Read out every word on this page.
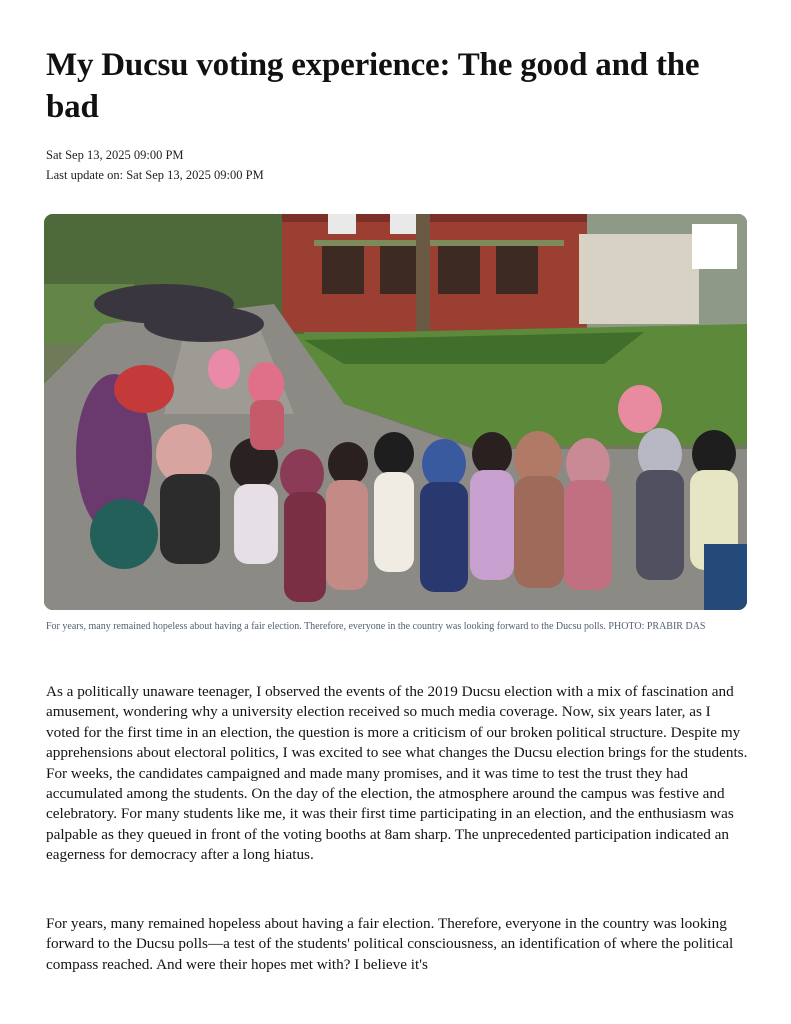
My Ducsu voting experience: The good and the bad
Sat Sep 13, 2025 09:00 PM
Last update on: Sat Sep 13, 2025 09:00 PM
For years, many remained hopeless about having a fair election. Therefore, everyone in the country was looking forward to the Ducsu polls. PHOTO: PRABIR DAS

As a politically unaware teenager, I observed the events of the 2019 Ducsu election with a mix of fascination and amusement, wondering why a university election received so much media coverage. Now, six years later, as I voted for the first time in an election, the question is more a criticism of our broken political structure. Despite my apprehensions about electoral politics, I was excited to see what changes the Ducsu election brings for the students. For weeks, the candidates campaigned and made many promises, and it was time to test the trust they had accumulated among the students. On the day of the election, the atmosphere around the campus was festive and celebratory. For many students like me, it was their first time participating in an election, and the enthusiasm was palpable as they queued in front of the voting booths at 8am sharp. The unprecedented participation indicated an eagerness for democracy after a long hiatus.

For years, many remained hopeless about having a fair election. Therefore, everyone in the country was looking forward to the Ducsu polls—a test of the students' political consciousness, an identification of where the political compass reached. And were their hopes met with? I believe it's
